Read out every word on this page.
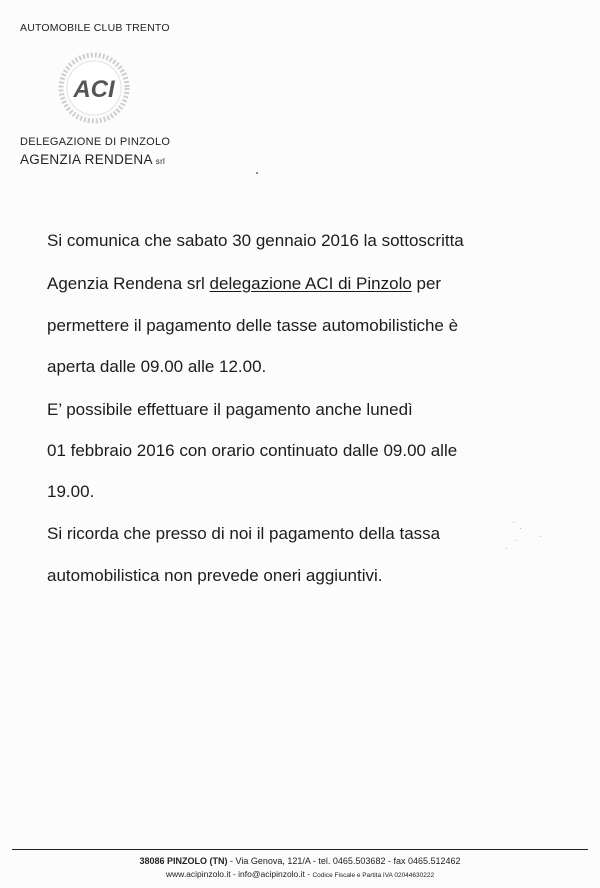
AUTOMOBILE CLUB TRENTO
ACI
DELEGAZIONE DI PINZOLO
AGENZIA RENDENA srl
Si comunica che sabato 30 gennaio 2016 la sottoscritta
Agenzia Rendena srl delegazione ACI di Pinzolo per
permettere il pagamento delle tasse automobilistiche è
aperta dalle 09.00 alle 12.00.
E’ possibile effettuare il pagamento anche lunedì
01 febbraio 2016 con orario continuato dalle 09.00 alle
19.00.
Si ricorda che presso di noi il pagamento della tassa
automobilistica non prevede oneri aggiuntivi.
38086 PINZOLO (TN) - Via Genova, 121/A - tel. 0465.503682 - fax 0465.512462
www.acipinzolo.it - info@acipinzolo.it - Codice Fiscale e Partita IVA 02044630222
